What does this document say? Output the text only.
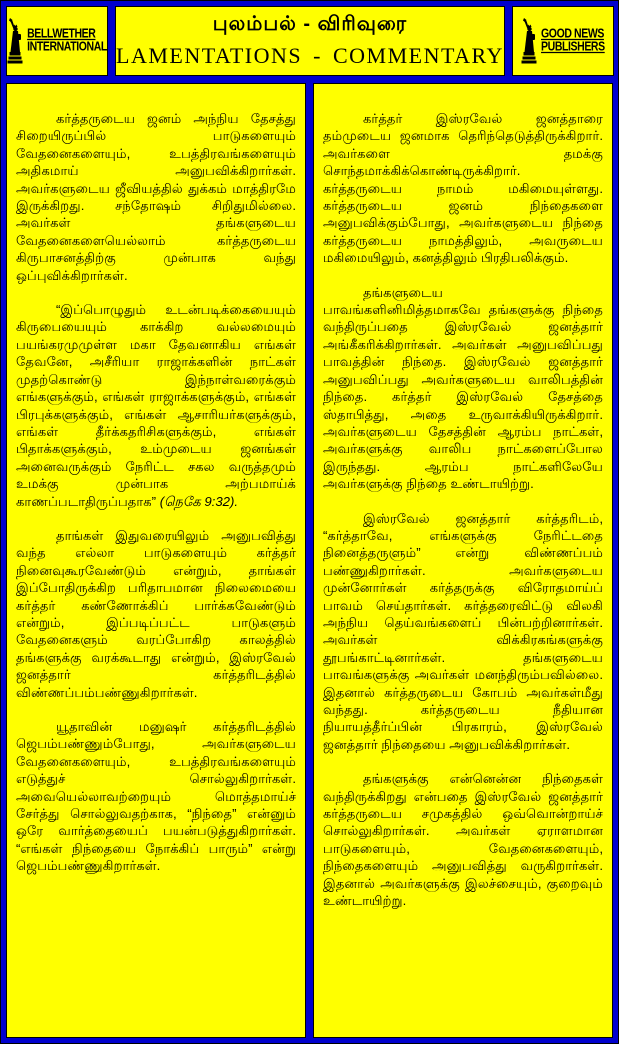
BELLWETHER
INTERNATIONAL
புலம்பல் - விரிவுரை
LAMENTATIONS - COMMENTARY
GOOD NEWS
PUBLISHERS

கர்த்தருடைய ஜனம் அந்நிய தேசத்து சிறையிருப்பில் பாடுகளையும் வேதனைகளையும், உபத்திரவங்களையும் அதிகமாய் அனுபவிக்கிறார்கள். அவர்களுடைய ஜீவியத்தில் துக்கம் மாத்திரமே இருக்கிறது. சந்தோஷம் சிறிதுமில்லை. அவர்கள் தங்களுடைய வேதனைகளையெல்லாம் கர்த்தருடைய கிருபாசனத்திற்கு முன்பாக வந்து ஒப்புவிக்கிறார்கள்.

“இப்பொழுதும் உடன்படிக்கையையும் கிருபையையும் காக்கிற வல்லமையும் பயங்கரமுமுள்ள மகா தேவனாகிய எங்கள் தேவனே, அசீரியா ராஜாக்களின் நாட்கள் முதற்கொண்டு இந்நாள்வரைக்கும் எங்களுக்கும், எங்கள் ராஜாக்களுக்கும், எங்கள் பிரபுக்களுக்கும், எங்கள் ஆசாரியர்களுக்கும், எங்கள் தீர்க்கதரிசிகளுக்கும், எங்கள் பிதாக்களுக்கும், உம்முடைய ஜனங்கள் அனைவருக்கும் நேரிட்ட சகல வருத்தமும் உமக்கு முன்பாக அற்பமாய்க் காணப்படாதிருப்பதாக” (நெகே 9:32).

தாங்கள் இதுவரையிலும் அனுபவித்து வந்த எல்லா பாடுகளையும் கர்த்தர் நினைவுகூரவேண்டும் என்றும், தாங்கள் இப்போதிருக்கிற பரிதாபமான நிலைமையை கர்த்தர் கண்ணோக்கிப் பார்க்கவேண்டும் என்றும், இப்படிப்பட்ட பாடுகளும் வேதனைகளும் வரப்போகிற காலத்தில் தங்களுக்கு வரக்கூடாது என்றும், இஸ்ரவேல் ஜனத்தார் கர்த்தரிடத்தில் விண்ணப்பம்பண்ணுகிறார்கள்.

யூதாவின் மனுஷர் கர்த்தரிடத்தில் ஜெபம்பண்ணும்போது, அவர்களுடைய வேதனைகளையும், உபத்திரவங்களையும் எடுத்துச் சொல்லுகிறார்கள். அவையெல்லாவற்றையும் மொத்தமாய்ச் சேர்த்து சொல்லுவதற்காக, “நிந்தை” என்னும் ஒரே வார்த்தையைப் பயன்படுத்துகிறார்கள். “எங்கள் நிந்தையை நோக்கிப் பாரும்” என்று ஜெபம்பண்ணுகிறார்கள்.

கர்த்தர் இஸ்ரவேல் ஜனத்தாரை தம்முடைய ஜனமாக தெரிந்தெடுத்திருக்கிறார். அவர்களை தமக்கு சொந்தமாக்கிக்கொண்டிருக்கிறார். கர்த்தருடைய நாமம் மகிமையுள்ளது. கர்த்தருடைய ஜனம் நிந்தைகளை அனுபவிக்கும்போது, அவர்களுடைய நிந்தை கர்த்தருடைய நாமத்திலும், அவருடைய மகிமையிலும், கனத்திலும் பிரதிபலிக்கும்.

தங்களுடைய பாவங்களினிமித்தமாகவே தங்களுக்கு நிந்தை வந்திருப்பதை இஸ்ரவேல் ஜனத்தார் அங்கீகரிக்கிறார்கள். அவர்கள் அனுபவிப்பது பாவத்தின் நிந்தை. இஸ்ரவேல் ஜனத்தார் அனுபவிப்பது அவர்களுடைய வாலிபத்தின் நிந்தை. கர்த்தர் இஸ்ரவேல் தேசத்தை ஸ்தாபித்து, அதை உருவாக்கியிருக்கிறார். அவர்களுடைய தேசத்தின் ஆரம்ப நாட்கள், அவர்களுக்கு வாலிப நாட்களைப்போல இருந்தது. ஆரம்ப நாட்களிலேயே அவர்களுக்கு நிந்தை உண்டாயிற்று.

இஸ்ரவேல் ஜனத்தார் கர்த்தரிடம், “கர்த்தாவே, எங்களுக்கு நேரிட்டதை நினைத்தருளும்” என்று விண்ணப்பம் பண்ணுகிறார்கள். அவர்களுடைய முன்னோர்கள் கர்த்தருக்கு விரோதமாய்ப் பாவம் செய்தார்கள். கர்த்தரைவிட்டு விலகி அந்நிய தெய்வங்களைப் பின்பற்றினார்கள். அவர்கள் விக்கிரகங்களுக்கு தூபங்காட்டினார்கள். தங்களுடைய பாவங்களுக்கு அவர்கள் மனந்திரும்பவில்லை. இதனால் கர்த்தருடைய கோபம் அவர்கள்மீது வந்தது. கர்த்தருடைய நீதியான நியாயத்தீர்ப்பின் பிரகாரம், இஸ்ரவேல் ஜனத்தார் நிந்தையை அனுபவிக்கிறார்கள்.

தங்களுக்கு என்னென்ன நிந்தைகள் வந்திருக்கிறது என்பதை இஸ்ரவேல் ஜனத்தார் கர்த்தருடைய சமுகத்தில் ஒவ்வொன்றாய்ச் சொல்லுகிறார்கள். அவர்கள் ஏராளமான பாடுகளையும், வேதனைகளையும், நிந்தைகளையும் அனுபவித்து வருகிறார்கள். இதனால் அவர்களுக்கு இலச்சையும், குறைவும் உண்டாயிற்று.
